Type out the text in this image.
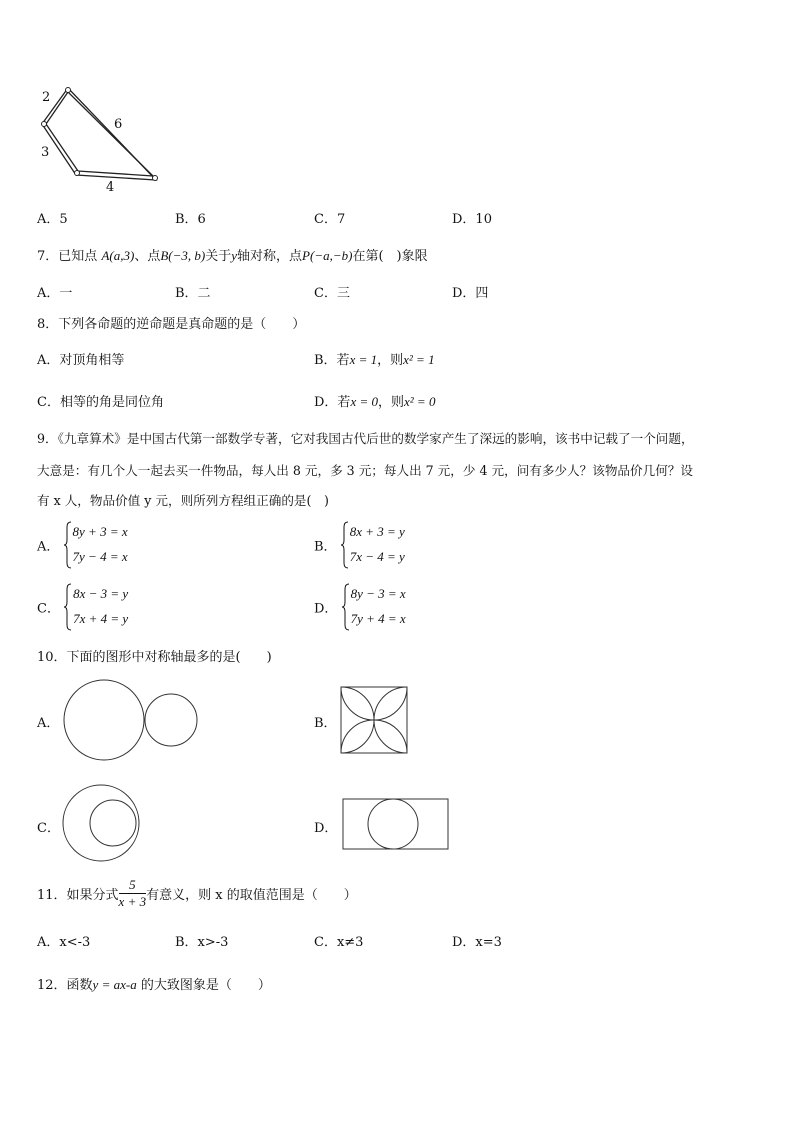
2
6
3
4
A．5	B．6	C．7	D．10
7．已知点 A(a,3)、点B(−3, b)关于y轴对称，点P(−a,−b)在第(　)象限
A．一	B．二	C．三	D．四
8．下列各命题的逆命题是真命题的是（　　）
A．对顶角相等	B．若x = 1，则x² = 1
C．相等的角是同位角	D．若x = 0，则x² = 0
9．《九章算术》是中国古代第一部数学专著，它对我国古代后世的数学家产生了深远的影响，该书中记载了一个问题，
大意是：有几个人一起去买一件物品，每人出 8 元，多 3 元；每人出 7 元，少 4 元，问有多少人？该物品价几何？设
有 x 人，物品价值 y 元，则所列方程组正确的是(　)
A．
8y + 3 = x
7y − 4 = x
B．
8x + 3 = y
7x − 4 = y
C．
8x − 3 = y
7x + 4 = y
D．
8y − 3 = x
7y + 4 = x
10．下面的图形中对称轴最多的是(　　)
A．	B．
C．	D．
11．如果分式 $\frac{5}{x + 3}$ 有意义，则 x 的取值范围是（　　）
A．x<-3	B．x>-3	C．x≠3	D．x=3
12．函数y = ax-a 的大致图象是（　　）
